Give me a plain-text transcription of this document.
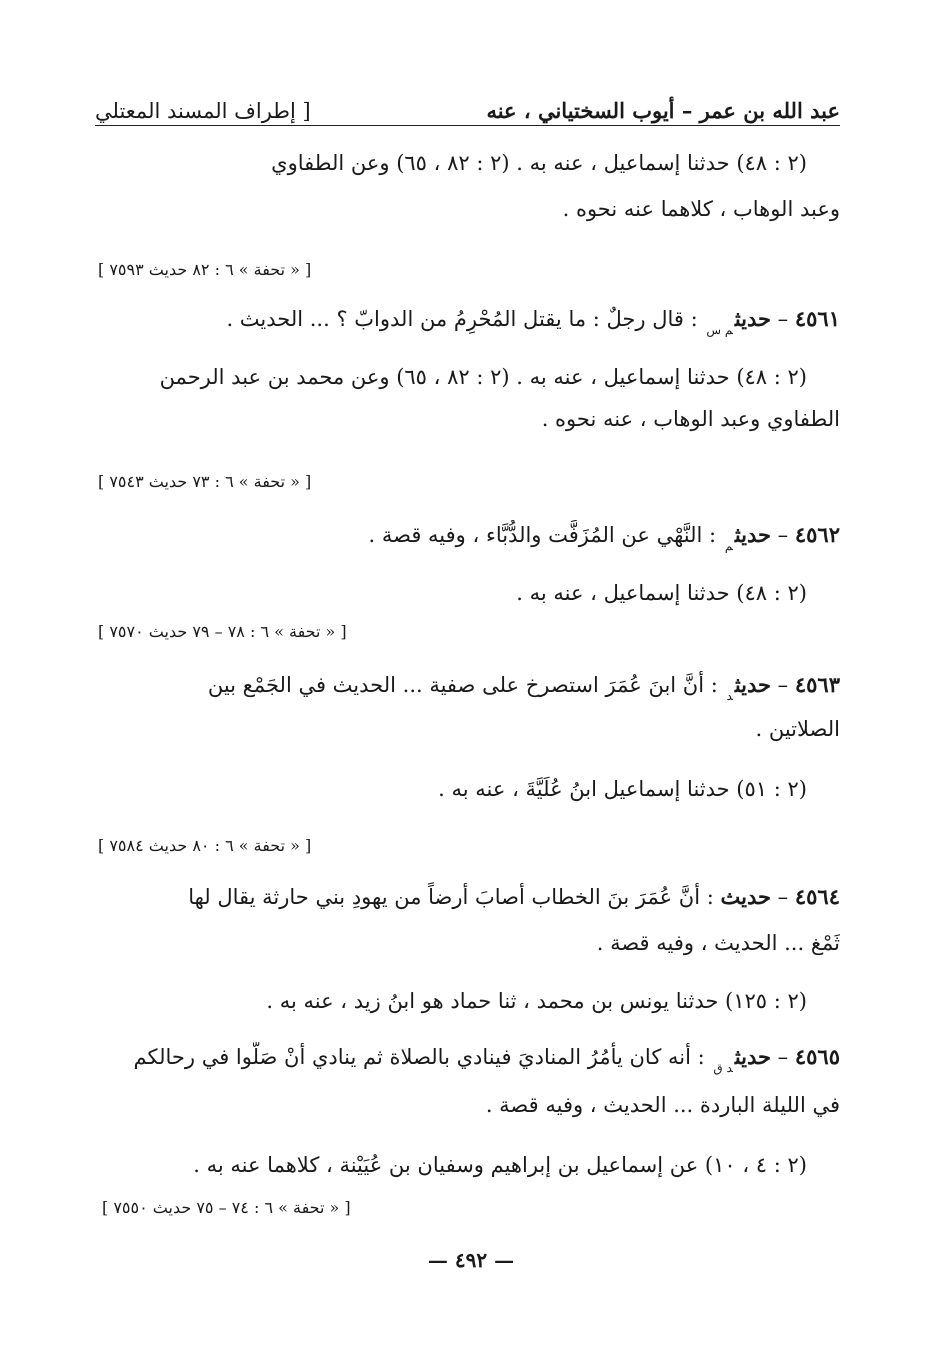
عبد الله بن عمر – أيوب السختياني ، عنه
[ إطراف المسند المعتلي
(٢ : ٤٨) حدثنا إسماعيل ، عنه به . (٢ : ٨٢ ، ٦٥) وعن الطفاوي
وعبد الوهاب ، كلاهما عنه نحوه .
[ « تحفة » ٦ : ٨٢ حديث ٧٥٩٣ ]
٤٥٦١ – حديث$_{م س}$ : قال رجلٌ : ما يقتل المُحْرِمُ من الدوابّ ؟ ... الحديث .
(٢ : ٤٨) حدثنا إسماعيل ، عنه به . (٢ : ٨٢ ، ٦٥) وعن محمد بن عبد الرحمن
الطفاوي وعبد الوهاب ، عنه نحوه .
[ « تحفة » ٦ : ٧٣ حديث ٧٥٤٣ ]
٤٥٦٢ – حديث$_م$ : النَّهْي عن المُزَفَّت والدُّبَّاء ، وفيه قصة .
(٢ : ٤٨) حدثنا إسماعيل ، عنه به .
[ « تحفة » ٦ : ٧٨ – ٧٩ حديث ٧٥٧٠ ]
٤٥٦٣ – حديث$_د$ : أنَّ ابنَ عُمَرَ استصرخ على صفية ... الحديث في الجَمْع بين
الصلاتين .
(٢ : ٥١) حدثنا إسماعيل ابنُ عُلَيَّةَ ، عنه به .
[ « تحفة » ٦ : ٨٠ حديث ٧٥٨٤ ]
٤٥٦٤ – حديث : أنَّ عُمَرَ بنَ الخطاب أصابَ أرضاً من يهودِ بني حارثة يقال لها
ثَمْغ ... الحديث ، وفيه قصة .
(٢ : ١٢٥) حدثنا يونس بن محمد ، ثنا حماد هو ابنُ زيد ، عنه به .
٤٥٦٥ – حديث$_{د ق}$ : أنه كان يأمُرُ المناديَ فينادي بالصلاة ثم ينادي أنْ صَلُّوا في رحالكم
في الليلة الباردة ... الحديث ، وفيه قصة .
(٢ : ٤ ، ١٠) عن إسماعيل بن إبراهيم وسفيان بن عُيَيْنة ، كلاهما عنه به .
[ « تحفة » ٦ : ٧٤ – ٧٥ حديث ٧٥٥٠ ]
— ٤٩٢ —
